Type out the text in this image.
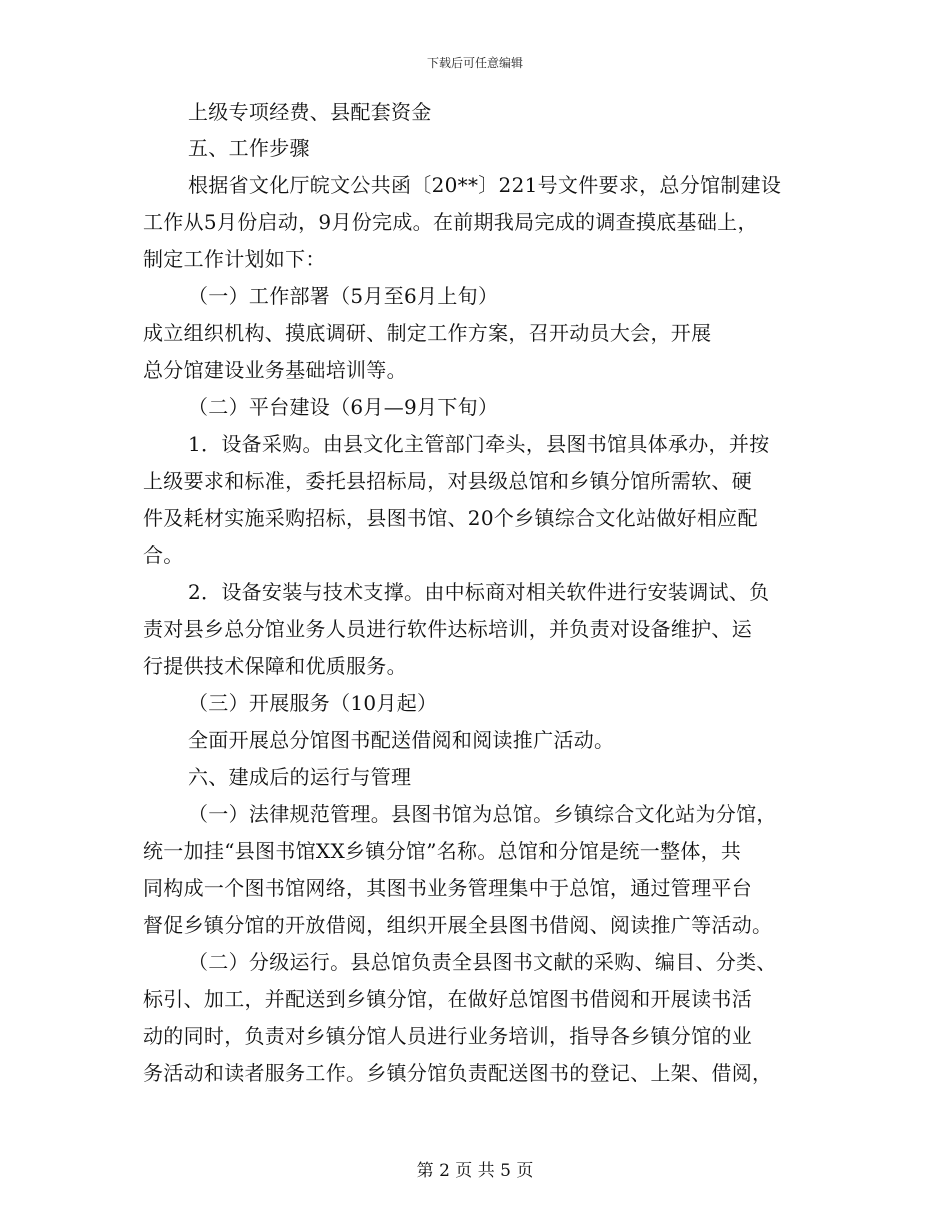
下载后可任意编辑
上级专项经费、县配套资金
五、工作步骤
根据省文化厅皖文公共函〔20**〕221号文件要求，总分馆制建设
工作从5月份启动，9月份完成。在前期我局完成的调查摸底基础上，
制定工作计划如下：
（一）工作部署（5月至6月上旬）
成立组织机构、摸底调研、制定工作方案，召开动员大会，开展
总分馆建设业务基础培训等。
（二）平台建设（6月—9月下旬）
1．设备采购。由县文化主管部门牵头，县图书馆具体承办，并按
上级要求和标准，委托县招标局，对县级总馆和乡镇分馆所需软、硬
件及耗材实施采购招标，县图书馆、20个乡镇综合文化站做好相应配
合。
2．设备安装与技术支撑。由中标商对相关软件进行安装调试、负
责对县乡总分馆业务人员进行软件达标培训，并负责对设备维护、运
行提供技术保障和优质服务。
（三）开展服务（10月起）
全面开展总分馆图书配送借阅和阅读推广活动。
六、建成后的运行与管理
（一）法律规范管理。县图书馆为总馆。乡镇综合文化站为分馆，
统一加挂“县图书馆XX乡镇分馆”名称。总馆和分馆是统一整体，共
同构成一个图书馆网络，其图书业务管理集中于总馆，通过管理平台
督促乡镇分馆的开放借阅，组织开展全县图书借阅、阅读推广等活动。
（二）分级运行。县总馆负责全县图书文献的采购、编目、分类、
标引、加工，并配送到乡镇分馆，在做好总馆图书借阅和开展读书活
动的同时，负责对乡镇分馆人员进行业务培训，指导各乡镇分馆的业
务活动和读者服务工作。乡镇分馆负责配送图书的登记、上架、借阅，
第 2 页 共 5 页
